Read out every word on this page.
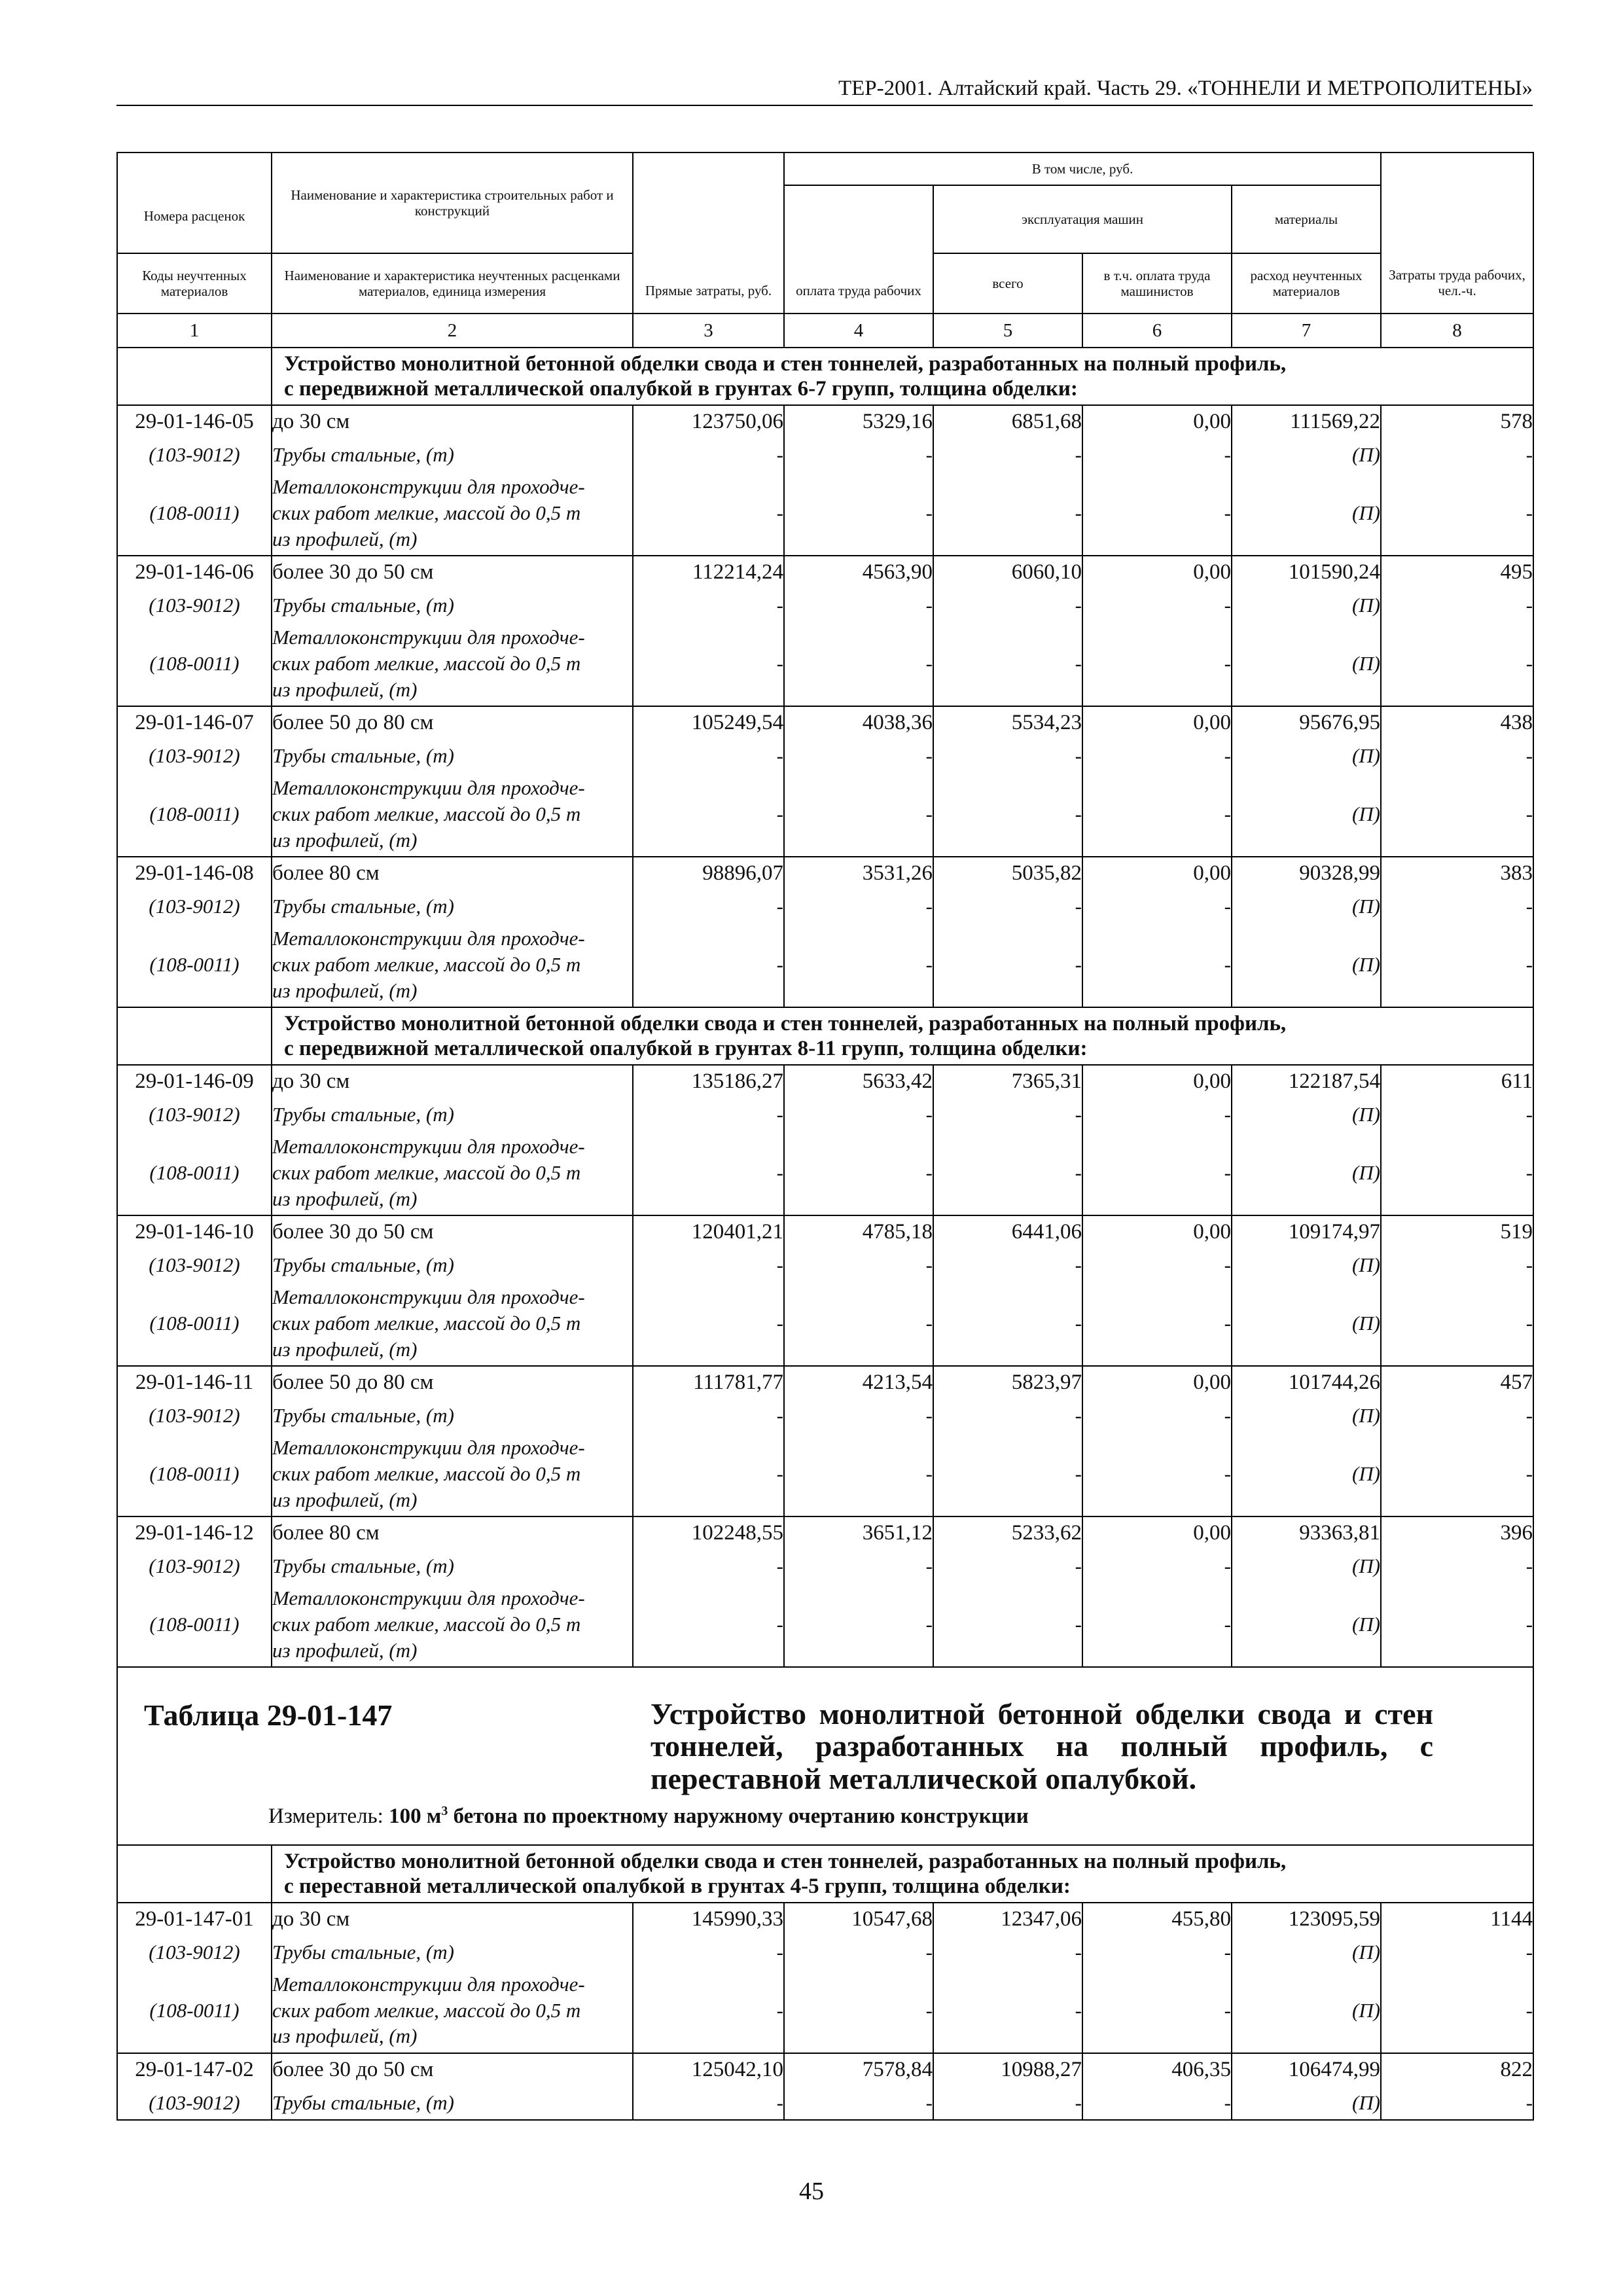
ТЕР-2001. Алтайский край. Часть 29. «ТОННЕЛИ И МЕТРОПОЛИТЕНЫ»
Номера расценок	Наименование и характеристика строительных работ и конструкций	Прямые затраты, руб.	В том числе, руб.				Затраты труда рабочих, чел.-ч.
			оплата труда рабочих	эксплуатация машин		материалы	
Коды неучтенных материалов	Наименование и характеристика неучтенных расценками материалов, единица измерения			всего	в т.ч. оплата труда машинистов	расход неучтенных материалов	
1	2	3	4	5	6	7	8

	Устройство монолитной бетонной обделки свода и стен тоннелей, разработанных на полный профиль,
с передвижной металлической опалубкой в грунтах 6-7 групп, толщина обделки:						

29-01-146-05	до 30 см	123750,06	5329,16	6851,68	0,00	111569,22	578
(103-9012)	Трубы стальные, (т)	-	-	-	-	(П)	-
(108-0011)	Металлоконструкции для проходче-
ских работ мелкие, массой до 0,5 т
из профилей, (т)	-	-	-	-	(П)	-
29-01-146-06	более 30 до 50 см	112214,24	4563,90	6060,10	0,00	101590,24	495
(103-9012)	Трубы стальные, (т)	-	-	-	-	(П)	-
(108-0011)	Металлоконструкции для проходче-
ских работ мелкие, массой до 0,5 т
из профилей, (т)	-	-	-	-	(П)	-
29-01-146-07	более 50 до 80 см	105249,54	4038,36	5534,23	0,00	95676,95	438
(103-9012)	Трубы стальные, (т)	-	-	-	-	(П)	-
(108-0011)	Металлоконструкции для проходче-
ских работ мелкие, массой до 0,5 т
из профилей, (т)	-	-	-	-	(П)	-
29-01-146-08	более 80 см	98896,07	3531,26	5035,82	0,00	90328,99	383
(103-9012)	Трубы стальные, (т)	-	-	-	-	(П)	-
(108-0011)	Металлоконструкции для проходче-
ских работ мелкие, массой до 0,5 т
из профилей, (т)	-	-	-	-	(П)	-

	Устройство монолитной бетонной обделки свода и стен тоннелей, разработанных на полный профиль,
с передвижной металлической опалубкой в грунтах 8-11 групп, толщина обделки:						

29-01-146-09	до 30 см	135186,27	5633,42	7365,31	0,00	122187,54	611
(103-9012)	Трубы стальные, (т)	-	-	-	-	(П)	-
(108-0011)	Металлоконструкции для проходче-
ских работ мелкие, массой до 0,5 т
из профилей, (т)	-	-	-	-	(П)	-
29-01-146-10	более 30 до 50 см	120401,21	4785,18	6441,06	0,00	109174,97	519
(103-9012)	Трубы стальные, (т)	-	-	-	-	(П)	-
(108-0011)	Металлоконструкции для проходче-
ских работ мелкие, массой до 0,5 т
из профилей, (т)	-	-	-	-	(П)	-
29-01-146-11	более 50 до 80 см	111781,77	4213,54	5823,97	0,00	101744,26	457
(103-9012)	Трубы стальные, (т)	-	-	-	-	(П)	-
(108-0011)	Металлоконструкции для проходче-
ских работ мелкие, массой до 0,5 т
из профилей, (т)	-	-	-	-	(П)	-
29-01-146-12	более 80 см	102248,55	3651,12	5233,62	0,00	93363,81	396
(103-9012)	Трубы стальные, (т)	-	-	-	-	(П)	-
(108-0011)	Металлоконструкции для проходче-
ских работ мелкие, массой до 0,5 т
из профилей, (т)	-	-	-	-	(П)	-

Таблица 29-01-147 Устройство монолитной бетонной обделки свода и стен тоннелей, разработанных на полный профиль, с переставной металлической опалубкой.
Измеритель: 100 $м^3$ бетона по проектному наружному очертанию конструкции							

	Устройство монолитной бетонной обделки свода и стен тоннелей, разработанных на полный профиль,
с переставной металлической опалубкой в грунтах 4-5 групп, толщина обделки:						

29-01-147-01	до 30 см	145990,33	10547,68	12347,06	455,80	123095,59	1144
(103-9012)	Трубы стальные, (т)	-	-	-	-	(П)	-
(108-0011)	Металлоконструкции для проходче-
ских работ мелкие, массой до 0,5 т
из профилей, (т)	-	-	-	-	(П)	-
29-01-147-02	более 30 до 50 см	125042,10	7578,84	10988,27	406,35	106474,99	822
(103-9012)	Трубы стальные, (т)	-	-	-	-	(П)	-
45
